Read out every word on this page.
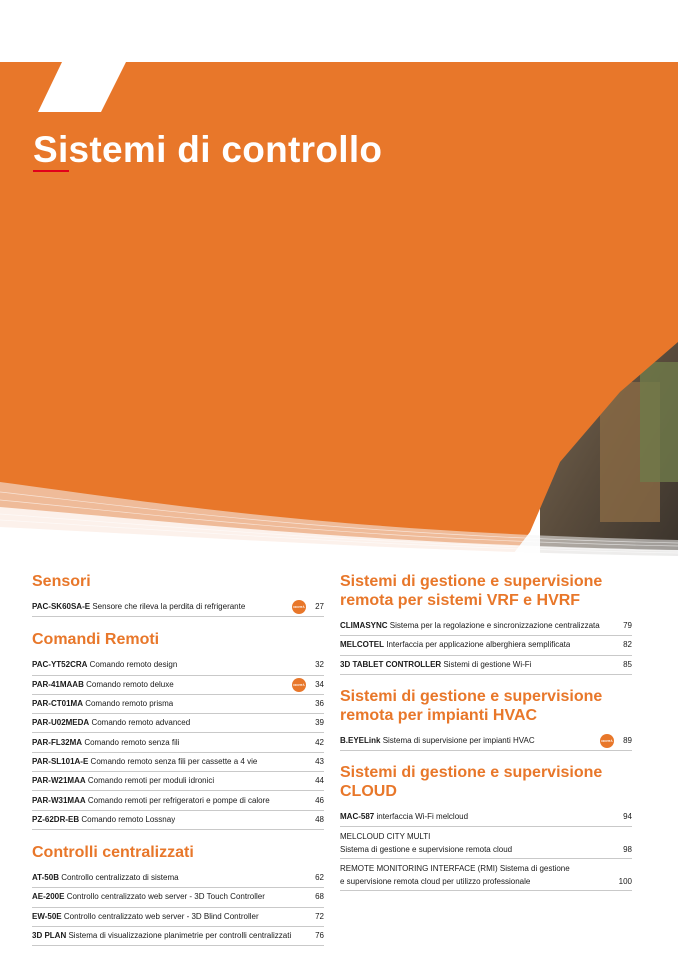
Sistemi di controllo
Sensori
PAC-SK60SA-E Sensore che rileva la perdita di refrigerante	NOVITÀ	27
Comandi Remoti
PAC-YT52CRA Comando remoto design	32
PAR-41MAAB Comando remoto deluxe	NOVITÀ	34
PAR-CT01MA Comando remoto prisma	36
PAR-U02MEDA Comando remoto advanced	39
PAR-FL32MA Comando remoto senza fili	42
PAR-SL101A-E Comando remoto senza fili per cassette a 4 vie	43
PAR-W21MAA Comando remoti per moduli idronici	44
PAR-W31MAA Comando remoti per refrigeratori e pompe di calore	46
PZ-62DR-EB Comando remoto Lossnay	48
Controlli centralizzati
AT-50B Controllo centralizzato di sistema	62
AE-200E Controllo centralizzato web server - 3D Touch Controller	68
EW-50E Controllo centralizzato web server - 3D Blind Controller	72
3D PLAN Sistema di visualizzazione planimetrie per controlli centralizzati	76
Sistemi di gestione e supervisione
remota per sistemi VRF e HVRF
CLIMASYNC Sistema per la regolazione e sincronizzazione centralizzata	79
MELCOTEL Interfaccia per applicazione alberghiera semplificata	82
3D TABLET CONTROLLER Sistemi di gestione Wi-Fi	85
Sistemi di gestione e supervisione
remota per impianti HVAC
B.EYELink Sistema di supervisione per impianti HVAC	NOVITÀ	89
Sistemi di gestione e supervisione
CLOUD
MAC-587 interfaccia Wi-Fi melcloud	94
MELCLOUD CITY MULTI
Sistema di gestione e supervisione remota cloud	98
REMOTE MONITORING INTERFACE (RMI) Sistema di gestione
e supervisione remota cloud per utilizzo professionale	100
